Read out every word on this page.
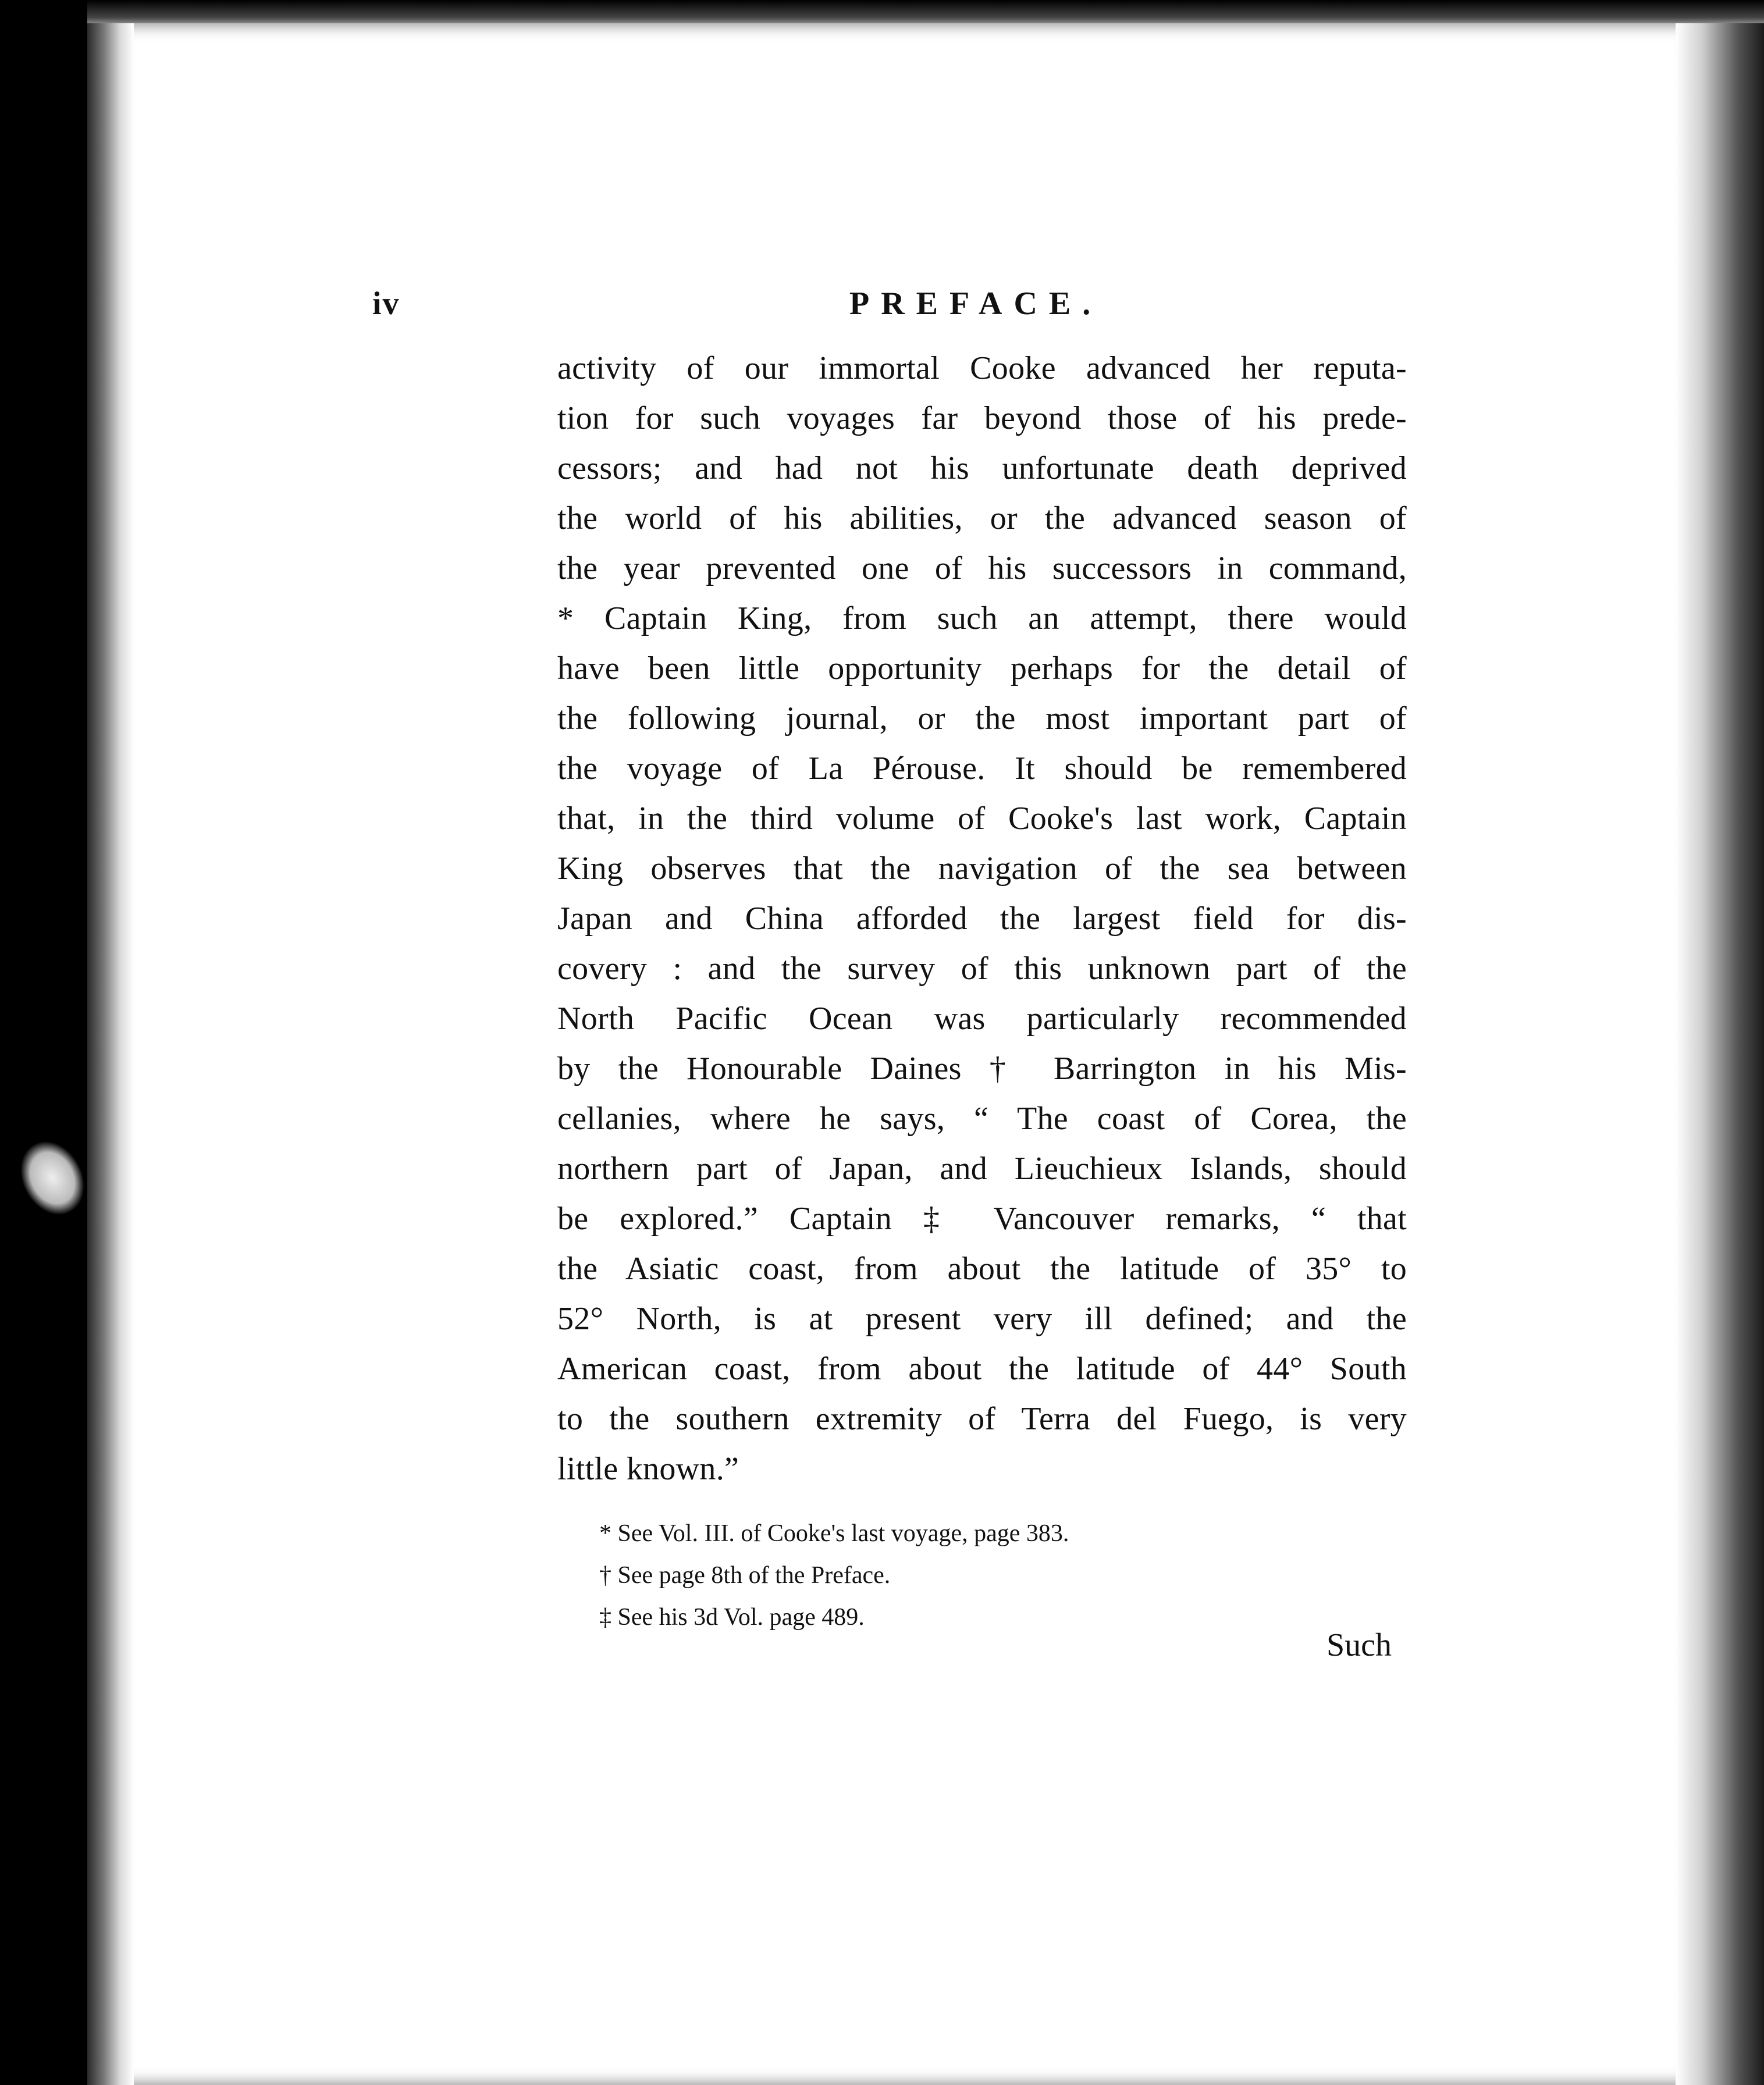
iv	PREFACE.
activity of our immortal Cooke advanced her reputa-
tion for such voyages far beyond those of his prede-
cessors; and had not his unfortunate death deprived
the world of his abilities, or the advanced season of
the year prevented one of his successors in command,
* Captain King, from such an attempt, there would
have been little opportunity perhaps for the detail of
the following journal, or the most important part of
the voyage of La Pérouse. It should be remembered
that, in the third volume of Cooke's last work, Captain
King observes that the navigation of the sea between
Japan and China afforded the largest field for dis-
covery : and the survey of this unknown part of the
North Pacific Ocean was particularly recommended
by the Honourable Daines † Barrington in his Mis-
cellanies, where he says, “ The coast of Corea, the
northern part of Japan, and Lieuchieux Islands, should
be explored.” Captain ‡ Vancouver remarks, “ that
the Asiatic coast, from about the latitude of 35° to
52° North, is at present very ill defined; and the
American coast, from about the latitude of 44° South
to the southern extremity of Terra del Fuego, is very
little known.”
* See Vol. III. of Cooke's last voyage, page 383.
† See page 8th of the Preface.
‡ See his 3d Vol. page 489.
Such
